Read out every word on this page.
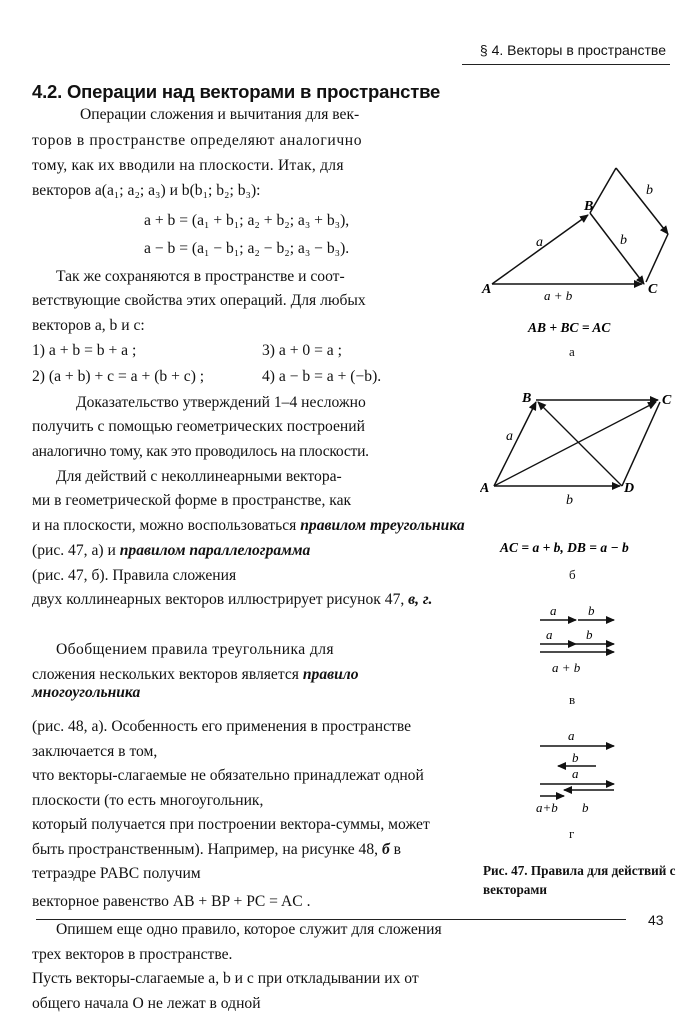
§ 4. Векторы в пространстве
4.2. Операции над векторами в пространстве
Операции сложения и вычитания для век-
торов в пространстве определяют аналогично
тому, как их вводили на плоскости. Итак, для
векторов a(a₁; a₂; a₃) и b(b₁; b₂; b₃):
a + b = (a₁ + b₁; a₂ + b₂; a₃ + b₃),
a − b = (a₁ − b₁; a₂ − b₂; a₃ − b₃).
Так же сохраняются в пространстве и соот-
ветствующие свойства этих операций. Для любых
векторов a, b и c:
1) a + b = b + a ;	3) a + 0 = a ;
2) (a + b) + c = a + (b + c) ;	4) a − b = a + (−b).
Доказательство утверждений 1–4 несложно
получить с помощью геометрических построений
аналогично тому, как это проводилось на плоскости.
Для действий с неколлинеарными вектора-
ми в геометрической форме в пространстве, как
и на плоскости, можно воспользоваться правилом треугольника
(рис. 47, а) и правилом параллелограмма
(рис. 47, б). Правила сложения
двух коллинеарных векторов иллюстрирует рисунок 47, в, г.
Обобщением правила треугольника для
сложения нескольких векторов является правило многоугольника
(рис. 48, а). Особенность его применения в пространстве заключается в том,
что векторы-слагаемые не обязательно принадлежат одной плоскости (то есть многоугольник,
который получается при построении вектора-суммы, может быть пространственным). Например, на рисунке 48, б в тетраэдре PABC получим
векторное равенство AB + BP + PC = AC .
Опишем еще одно правило, которое служит для сложения трех векторов в пространстве.
Пусть векторы-слагаемые a, b и c при откладывании их от общего начала O не лежат в одной
A
B
C
a	b
b
a + b
AB + BC = AC
а
A
B	C
D
a
b
AC = a + b, DB = a − b
б
a b
a	b
a + b
в
a
b
a
a+b b
г
Рис. 47. Правила для действий с векторами
43
